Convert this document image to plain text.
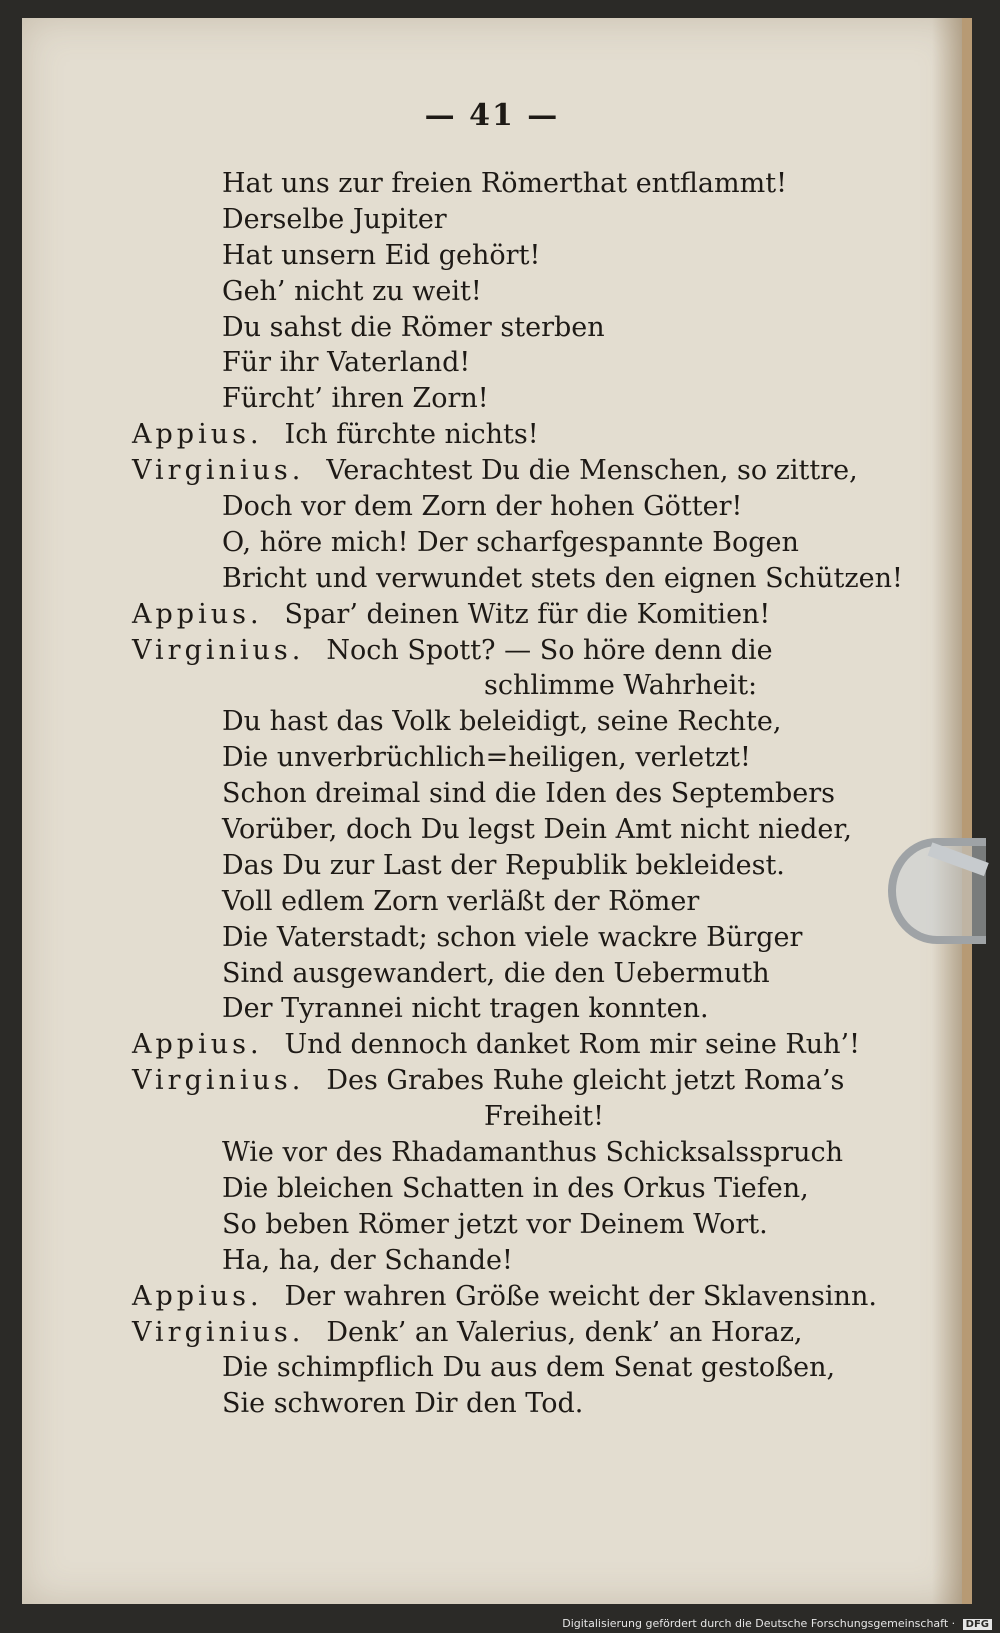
— 41 —
Hat uns zur freien Römerthat entflammt!
Derselbe Jupiter
Hat unsern Eid gehört!
Geh’ nicht zu weit!
Du sahst die Römer sterben
Für ihr Vaterland!
Fürcht’ ihren Zorn!
Appius. Ich fürchte nichts!
Virginius. Verachtest Du die Menschen, so zittre,
Doch vor dem Zorn der hohen Götter!
O, höre mich! Der scharfgespannte Bogen
Bricht und verwundet stets den eignen Schützen!
Appius. Spar’ deinen Witz für die Komitien!
Virginius. Noch Spott? — So höre denn die
schlimme Wahrheit:
Du hast das Volk beleidigt, seine Rechte,
Die unverbrüchlich=heiligen, verletzt!
Schon dreimal sind die Iden des Septembers
Vorüber, doch Du legst Dein Amt nicht nieder,
Das Du zur Last der Republik bekleidest.
Voll edlem Zorn verläßt der Römer
Die Vaterstadt; schon viele wackre Bürger
Sind ausgewandert, die den Uebermuth
Der Tyrannei nicht tragen konnten.
Appius. Und dennoch danket Rom mir seine Ruh’!
Virginius. Des Grabes Ruhe gleicht jetzt Roma’s
Freiheit!
Wie vor des Rhadamanthus Schicksalsspruch
Die bleichen Schatten in des Orkus Tiefen,
So beben Römer jetzt vor Deinem Wort.
Ha, ha, der Schande!
Appius. Der wahren Größe weicht der Sklavensinn.
Virginius. Denk’ an Valerius, denk’ an Horaz,
Die schimpflich Du aus dem Senat gestoßen,
Sie schworen Dir den Tod.
Digitalisierung gefördert durch die Deutsche Forschungsgemeinschaft · DFG
